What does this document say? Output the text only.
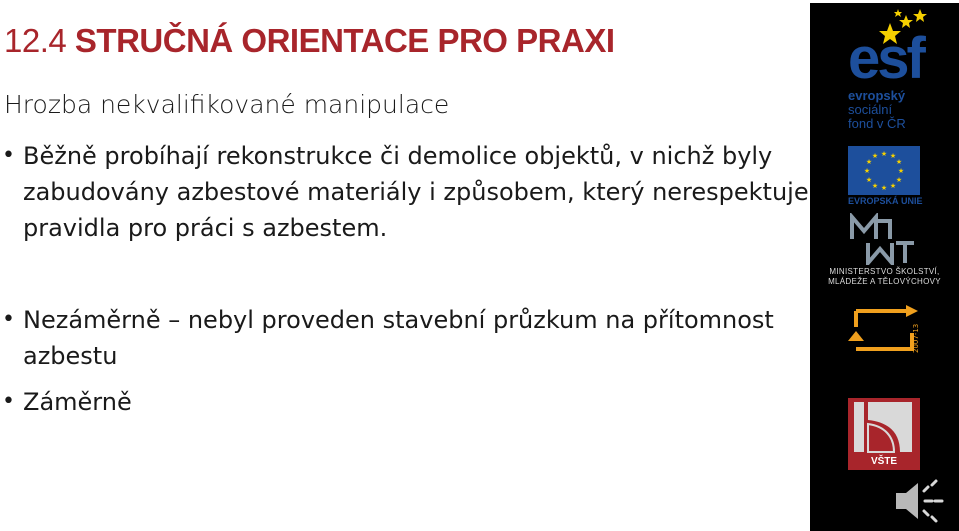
12.4 STRUČNÁ ORIENTACE PRO PRAXI
Hrozba nekvalifikované manipulace
• Běžně probíhají rekonstrukce či demolice objektů, v nichž byly zabudovány azbestové materiály i způsobem, který nerespektuje pravidla pro práci s azbestem.
• Nezáměrně – nebyl proveden stavební průzkum na přítomnost azbestu
• Záměrně
esf
evropský
sociální
fond v ČR
★ ★
★
★
★
★
★
★
★
★
★
★
EVROPSKÁ UNIE
MINISTERSTVO ŠKOLSTVÍ,
MLÁDEŽE A TĚLOVÝCHOVY
2007-13
VŠTE
